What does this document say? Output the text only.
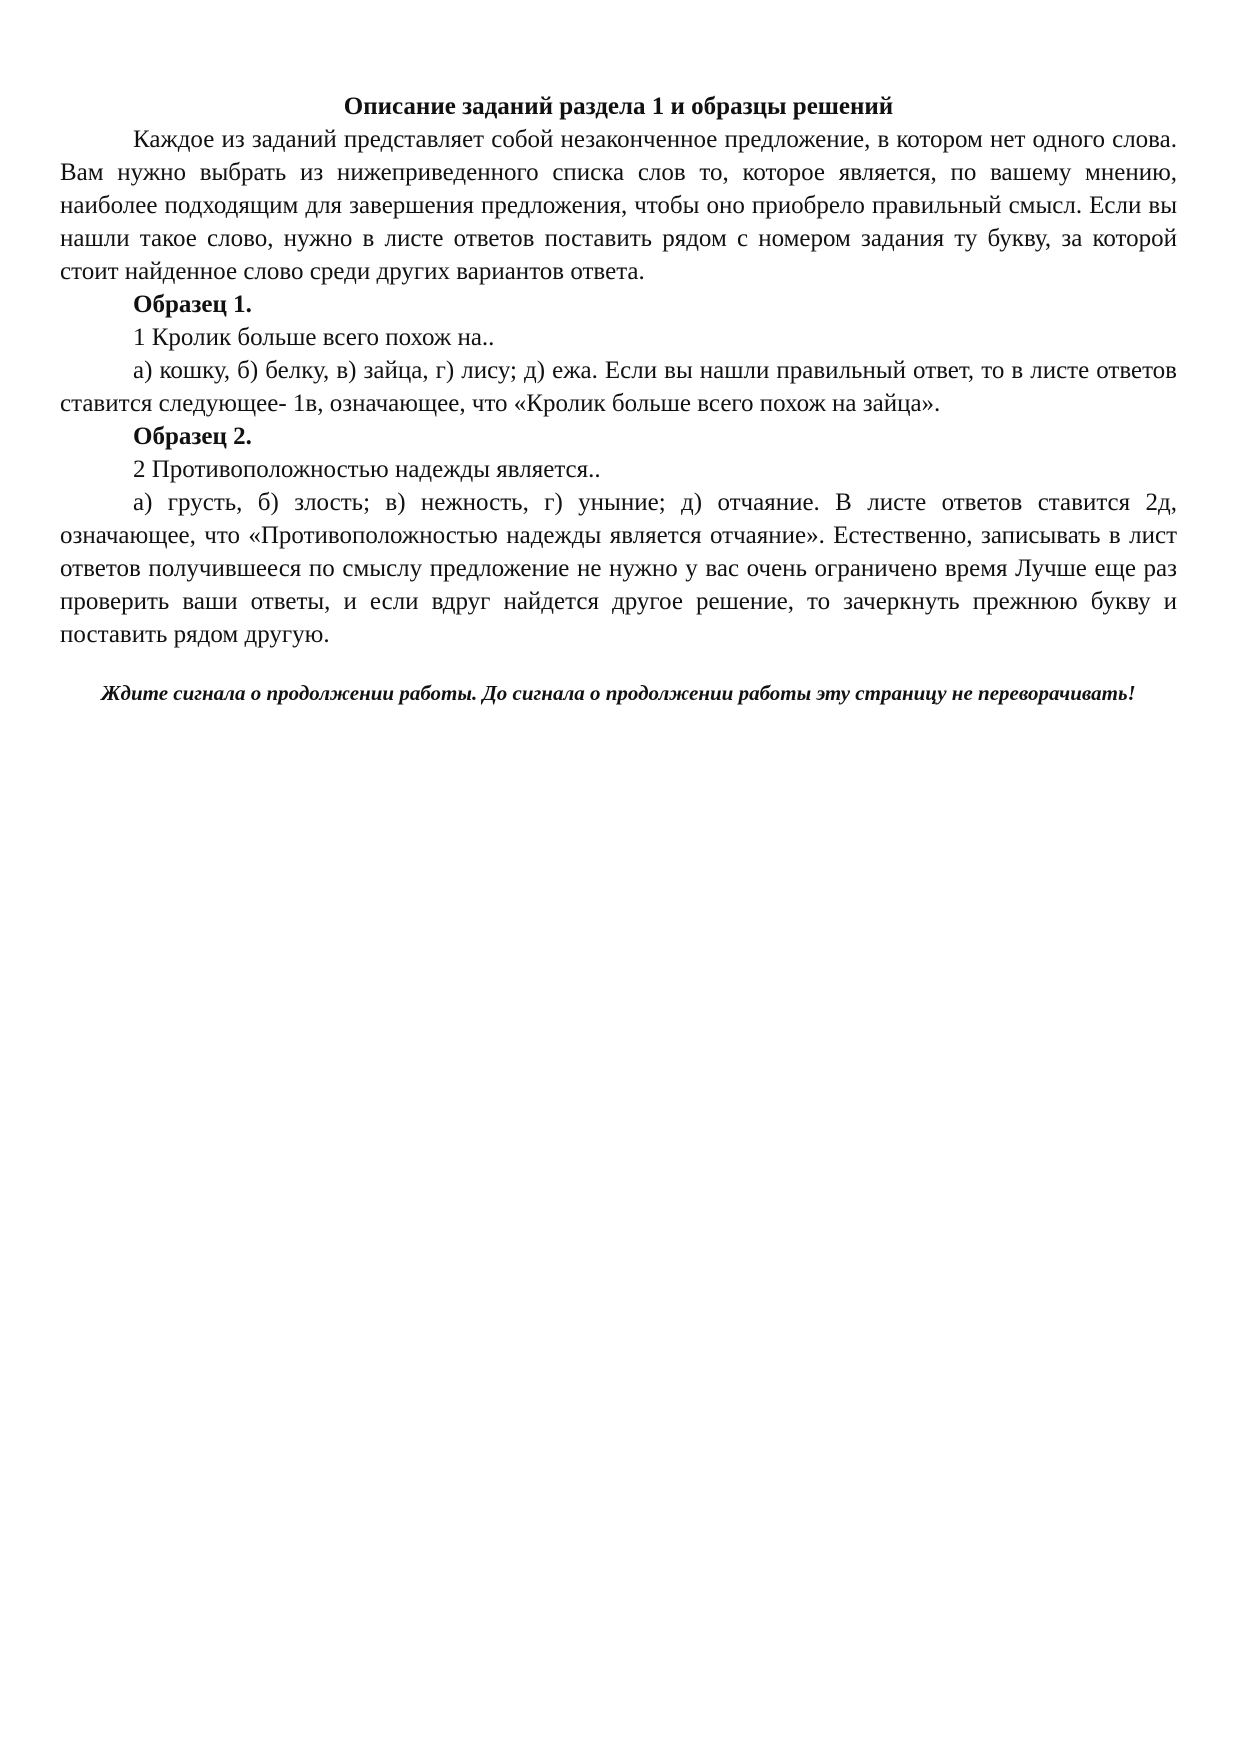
Описание заданий раздела 1 и образцы решений

Каждое из заданий представляет собой незаконченное предложение, в котором нет одного слова. Вам нужно выбрать из нижеприведенного списка слов то, которое является, по вашему мнению, наиболее подходящим для завершения предложения, чтобы оно приобрело правильный смысл. Если вы нашли такое слово, нужно в листе ответов поставить рядом с номером задания ту букву, за которой стоит найденное слово среди других вариантов ответа.

Образец 1.

1 Кролик больше всего похож на..

а) кошку, б) белку, в) зайца, г) лису; д) ежа. Если вы нашли правильный ответ, то в листе ответов ставится следующее- 1в, означающее, что «Кролик больше всего похож на зайца».

Образец 2.

2 Противоположностью надежды является..

а) грусть, б) злость; в) нежность, г) уныние; д) отчаяние. В листе ответов ставится 2д, означающее, что «Противоположностью надежды является отчаяние». Естественно, записывать в лист ответов получившееся по смыслу предложение не нужно у вас очень ограничено время Лучше еще раз проверить ваши ответы, и если вдруг найдется другое решение, то зачеркнуть прежнюю букву и поставить рядом другую.

Ждите сигнала о продолжении работы. До сигнала о продолжении работы эту страницу не переворачивать!
